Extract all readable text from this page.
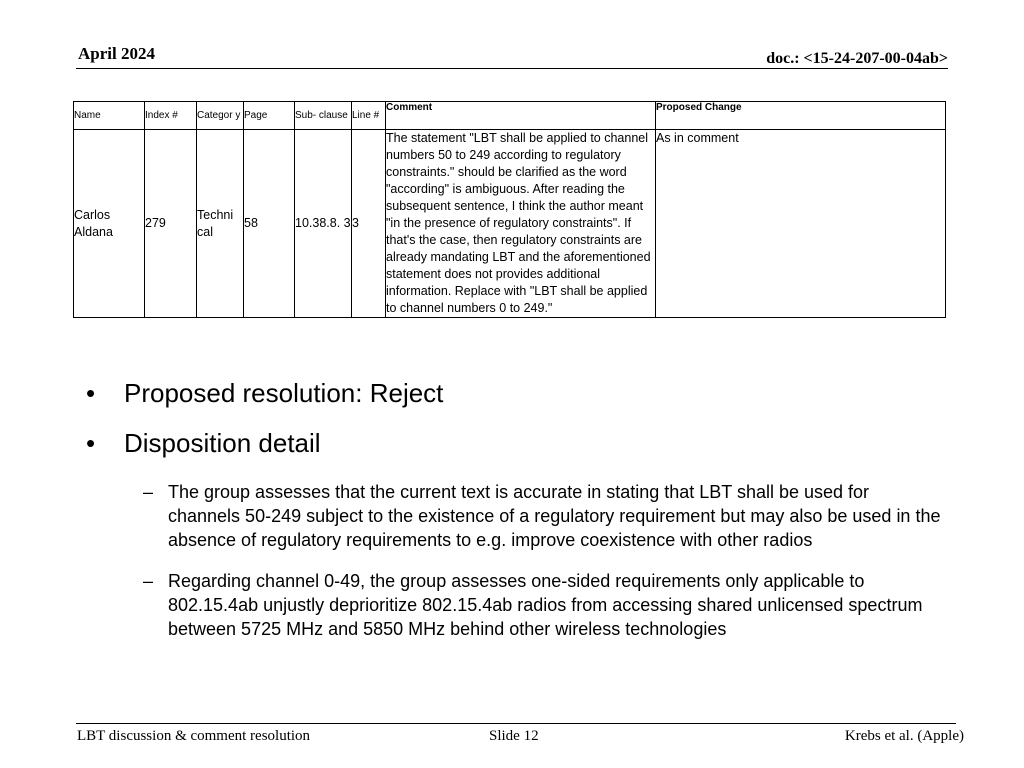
April 2024	doc.: <15-24-207-00-04ab>
Name	Index #	Categor y	Page	Sub- clause	Line #	Comment	Proposed Change
Carlos Aldana	279	Techni cal	58	10.38.8. 3	3	The statement "LBT shall be applied to channel numbers 50 to 249 according to regulatory constraints." should be clarified as the word "according" is ambiguous. After reading the subsequent sentence, I think the author meant "in the presence of regulatory constraints". If that's the case, then regulatory constraints are already mandating LBT and the aforementioned statement does not provides additional information. Replace with "LBT shall be applied to channel numbers 0 to 249."	As in comment
• Proposed resolution: Reject
• Disposition detail
– The group assesses that the current text is accurate in stating that LBT shall be used for channels 50-249 subject to the existence of a regulatory requirement but may also be used in the absence of regulatory requirements to e.g. improve coexistence with other radios
– Regarding channel 0-49, the group assesses one-sided requirements only applicable to 802.15.4ab unjustly deprioritize 802.15.4ab radios from accessing shared unlicensed spectrum between 5725 MHz and 5850 MHz behind other wireless technologies
LBT discussion & comment resolution	Slide 12	Krebs et al. (Apple)
